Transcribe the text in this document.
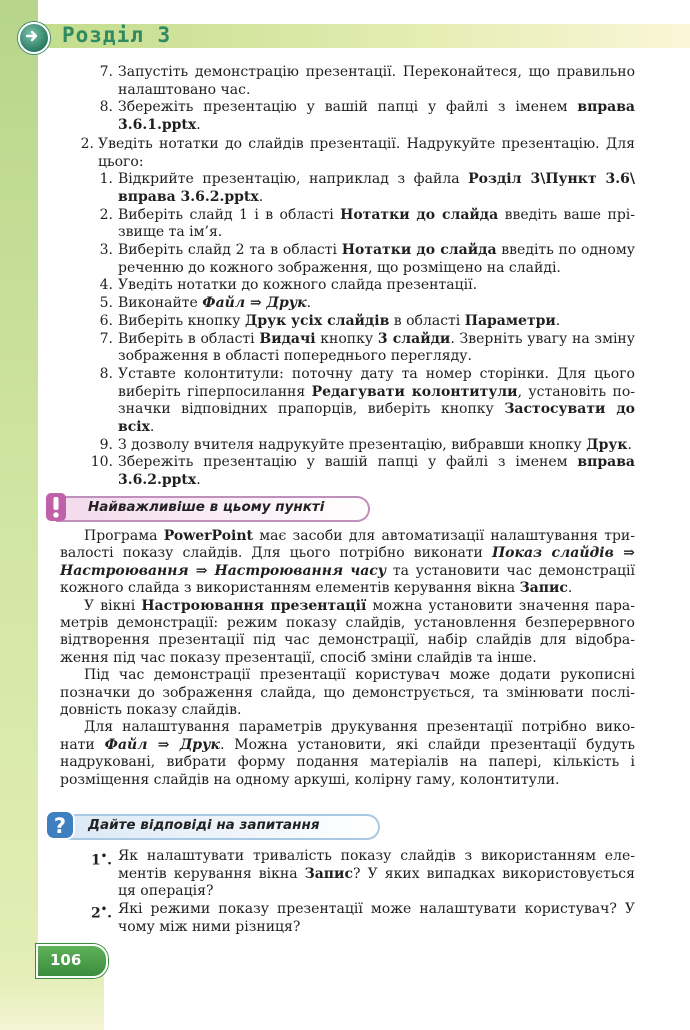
Розділ 3
7. Запустіть демонстрацію презентації. Переконайтеся, що правильно налаштовано час.
8. Збережіть презентацію у вашій папці у файлі з іменем вправа 3.6.1.pptx.
2. Уведіть нотатки до слайдів презентації. Надрукуйте презентацію. Для цього:
1. Відкрийте презентацію, наприклад з файла Розділ 3\Пункт 3.6\ вправа 3.6.2.pptx.
2. Виберіть слайд 1 і в області Нотатки до слайда введіть ваше прізвище та ім’я.
3. Виберіть слайд 2 та в області Нотатки до слайда введіть по одному реченню до кожного зображення, що розміщено на слайді.
4. Уведіть нотатки до кожного слайда презентації.
5. Виконайте Файл ⇒ Друк.
6. Виберіть кнопку Друк усіх слайдів в області Параметри.
7. Виберіть в області Видачі кнопку 3 слайди. Зверніть увагу на зміну зображення в області попереднього перегляду.
8. Уставте колонтитули: поточну дату та номер сторінки. Для цього виберіть гіперпосилання Редагувати колонтитули, установіть позначки відповідних прапорців, виберіть кнопку Застосувати до всіх.
9. З дозволу вчителя надрукуйте презентацію, вибравши кнопку Друк.
10. Збережіть презентацію у вашій папці у файлі з іменем вправа 3.6.2.pptx.
Найважливіше в цьому пункті

Програма PowerPoint має засоби для автоматизації налаштування тривалості показу слайдів. Для цього потрібно виконати Показ слайдів ⇒ Настроювання ⇒ Настроювання часу та установити час демонстрації кожного слайда з використанням елементів керування вікна Запис.

У вікні Настроювання презентації можна установити значення параметрів демонстрації: режим показу слайдів, установлення безперервного відтворення презентації під час демонстрації, набір слайдів для відображення під час показу презентації, спосіб зміни слайдів та інше.

Під час демонстрації презентації користувач може додати рукописні позначки до зображення слайда, що демонструється, та змінювати послідовність показу слайдів.

Для налаштування параметрів друкування презентації потрібно виконати Файл ⇒ Друк. Можна установити, які слайди презентації будуть надруковані, вибрати форму подання матеріалів на папері, кількість і розміщення слайдів на одному аркуші, колірну гаму, колонтитули.

? Дайте відповіді на запитання
1•. Як налаштувати тривалість показу слайдів з використанням елементів керування вікна Запис? У яких випадках використовується ця операція?
2•. Які режими показу презентації може налаштувати користувач? У чому між ними різниця?
106
